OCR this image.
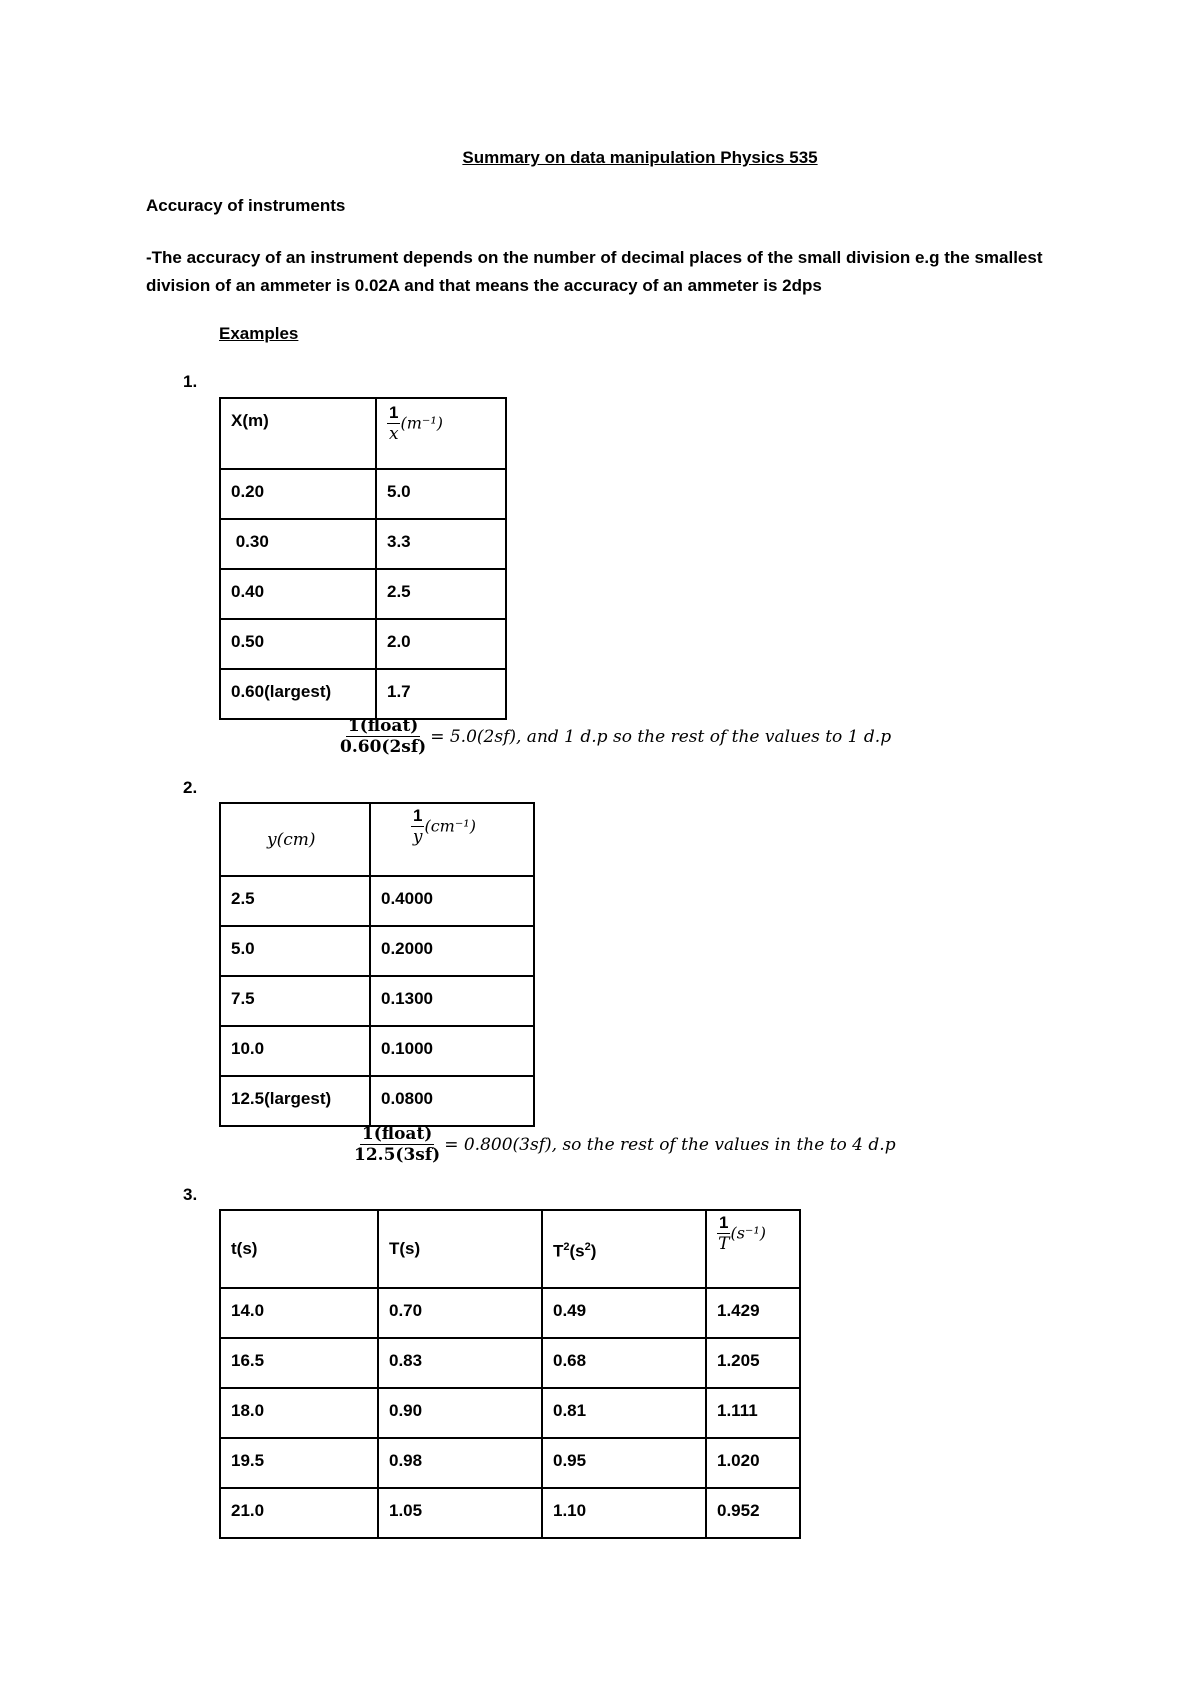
Summary on data manipulation Physics 535
Accuracy of instruments
-The accuracy of an instrument depends on the number of decimal places of the small division e.g the smallest division of an ammeter is 0.02A and that means the accuracy of an ammeter is 2dps
Examples
1.
X(m)	$\frac{1}{x} (m^{-1})$
0.20	5.0
0.30	3.3
0.40	2.5
0.50	2.0
0.60(largest)	1.7
$\frac{\text{1(float)}}{0.60(2sf)} = 5.0(2sf)$, and 1 d.p so the rest of the values to 1 d.p
2.
y(cm)	$\frac{1}{y} (cm^{-1})$
2.5	0.4000
5.0	0.2000
7.5	0.1300
10.0	0.1000
12.5(largest)	0.0800
$\frac{\text{1(float)}}{12.5(3sf)} = 0.800(3sf)$, so the rest of the values in the to 4 d.p
3.
t(s)	T(s)	$T^2(s^2)$	$\frac{1}{T} (s^{-1})$
14.0	0.70	0.49	1.429
16.5	0.83	0.68	1.205
18.0	0.90	0.81	1.111
19.5	0.98	0.95	1.020
21.0	1.05	1.10	0.952
